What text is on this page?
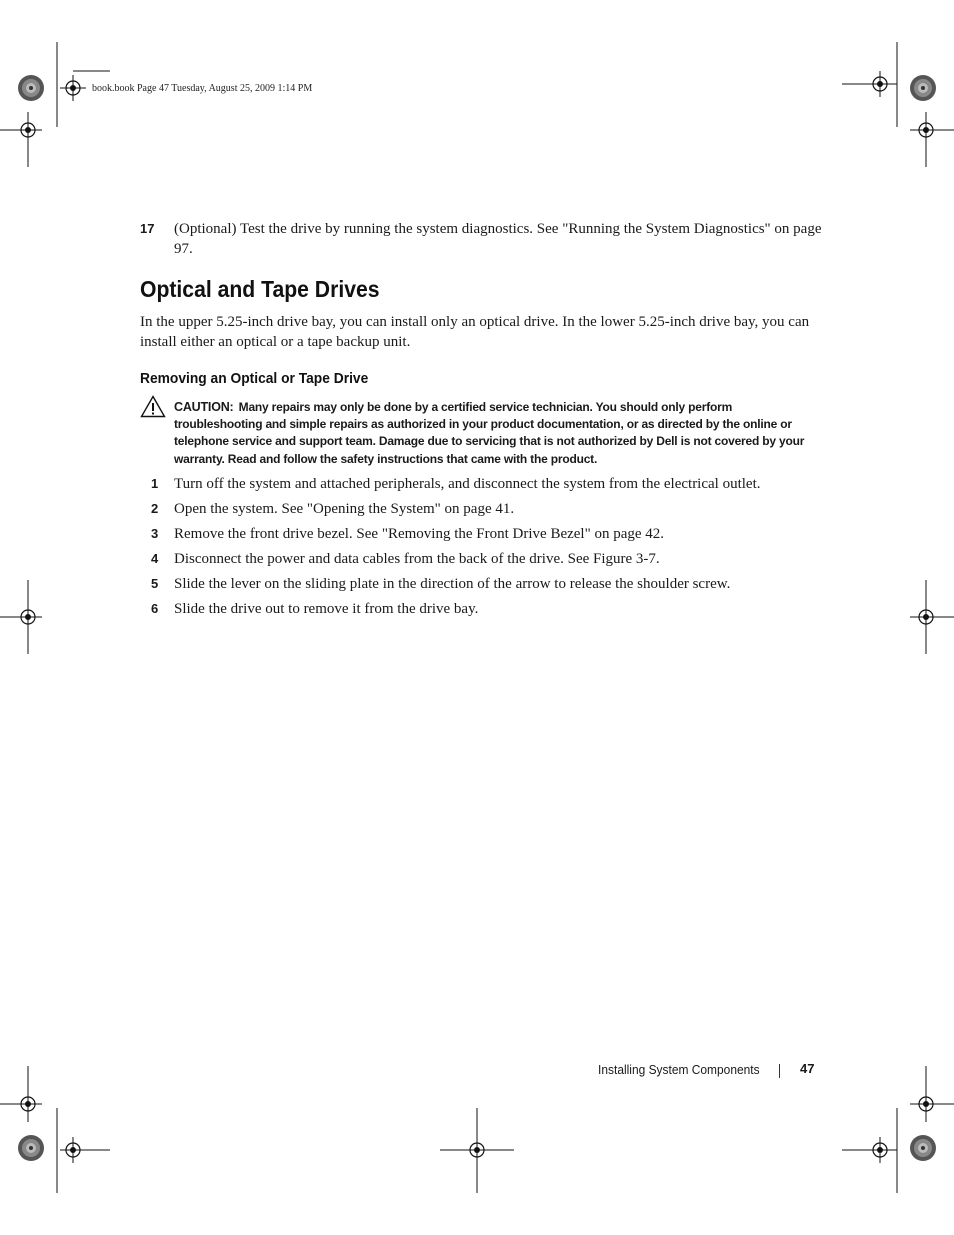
book.book Page 47 Tuesday, August 25, 2009 1:14 PM
17	(Optional) Test the drive by running the system diagnostics. See "Running the System Diagnostics" on page 97.
Optical and Tape Drives
In the upper 5.25-inch drive bay, you can install only an optical drive. In the lower 5.25-inch drive bay, you can install either an optical or a tape backup unit.
Removing an Optical or Tape Drive
CAUTION: Many repairs may only be done by a certified service technician. You should only perform troubleshooting and simple repairs as authorized in your product documentation, or as directed by the online or telephone service and support team. Damage due to servicing that is not authorized by Dell is not covered by your warranty. Read and follow the safety instructions that came with the product.
1	Turn off the system and attached peripherals, and disconnect the system from the electrical outlet.
2	Open the system. See "Opening the System" on page 41.
3	Remove the front drive bezel. See "Removing the Front Drive Bezel" on page 42.
4	Disconnect the power and data cables from the back of the drive. See Figure 3-7.
5	Slide the lever on the sliding plate in the direction of the arrow to release the shoulder screw.
6	Slide the drive out to remove it from the drive bay.
Installing System Components	47
